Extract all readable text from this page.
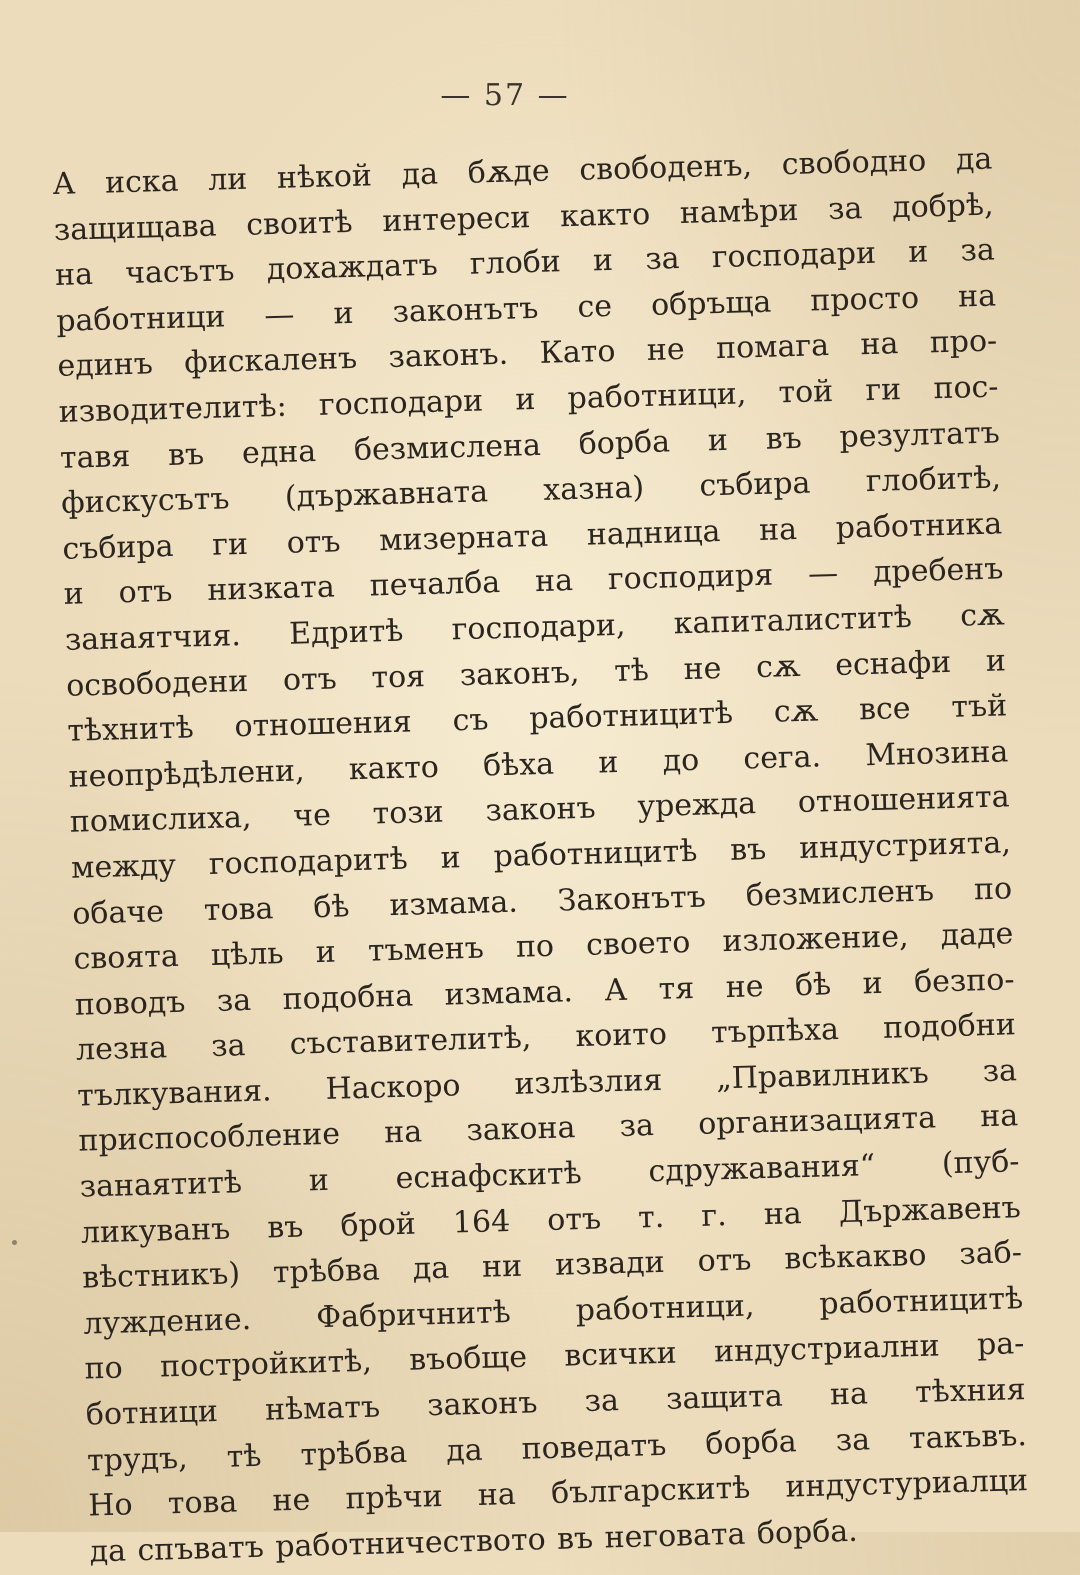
— 57 —
А иска ли нѣкой да бѫде свободенъ, свободно да
защищава своитѣ интереси както намѣри за добрѣ,
на часътъ дохаждатъ глоби и за господари и за
работници — и законътъ се обръща просто на
единъ фискаленъ законъ. Като не помага на про-
изводителитѣ: господари и работници, той ги пос-
тавя въ една безмислена борба и въ резултатъ
фискусътъ (държавната хазна) събира глобитѣ,
събира ги отъ мизерната надница на работника
и отъ низката печалба на господиря — дребенъ
занаятчия. Едритѣ господари, капиталиститѣ сѫ
освободени отъ тоя законъ, тѣ не сѫ еснафи и
тѣхнитѣ отношения съ работницитѣ сѫ все тъй
неопрѣдѣлени, както бѣха и до сега. Мнозина
помислиха, че този законъ урежда отношенията
между господаритѣ и работницитѣ въ индустрията,
обаче това бѣ измама. Законътъ безмисленъ по
своята цѣль и тъменъ по своето изложение, даде
поводъ за подобна измама. А тя не бѣ и безпо-
лезна за съставителитѣ, които търпѣха подобни
тълкувания. Наскоро излѣзлия „Правилникъ за
приспособление на закона за организацията на
занаятитѣ и еснафскитѣ сдружавания“ (пуб-
ликуванъ въ брой 164 отъ т. г. на Държавенъ
вѣстникъ) трѣбва да ни извади отъ всѣкакво заб-
луждение. Фабричнитѣ работници, работницитѣ
по постройкитѣ, въобще всички индустриални ра-
ботници нѣматъ законъ за защита на тѣхния
трудъ, тѣ трѣбва да поведатъ борба за такъвъ.
Но това не прѣчи на българскитѣ индустуриалци
да спъватъ работничеството въ неговата борба.
